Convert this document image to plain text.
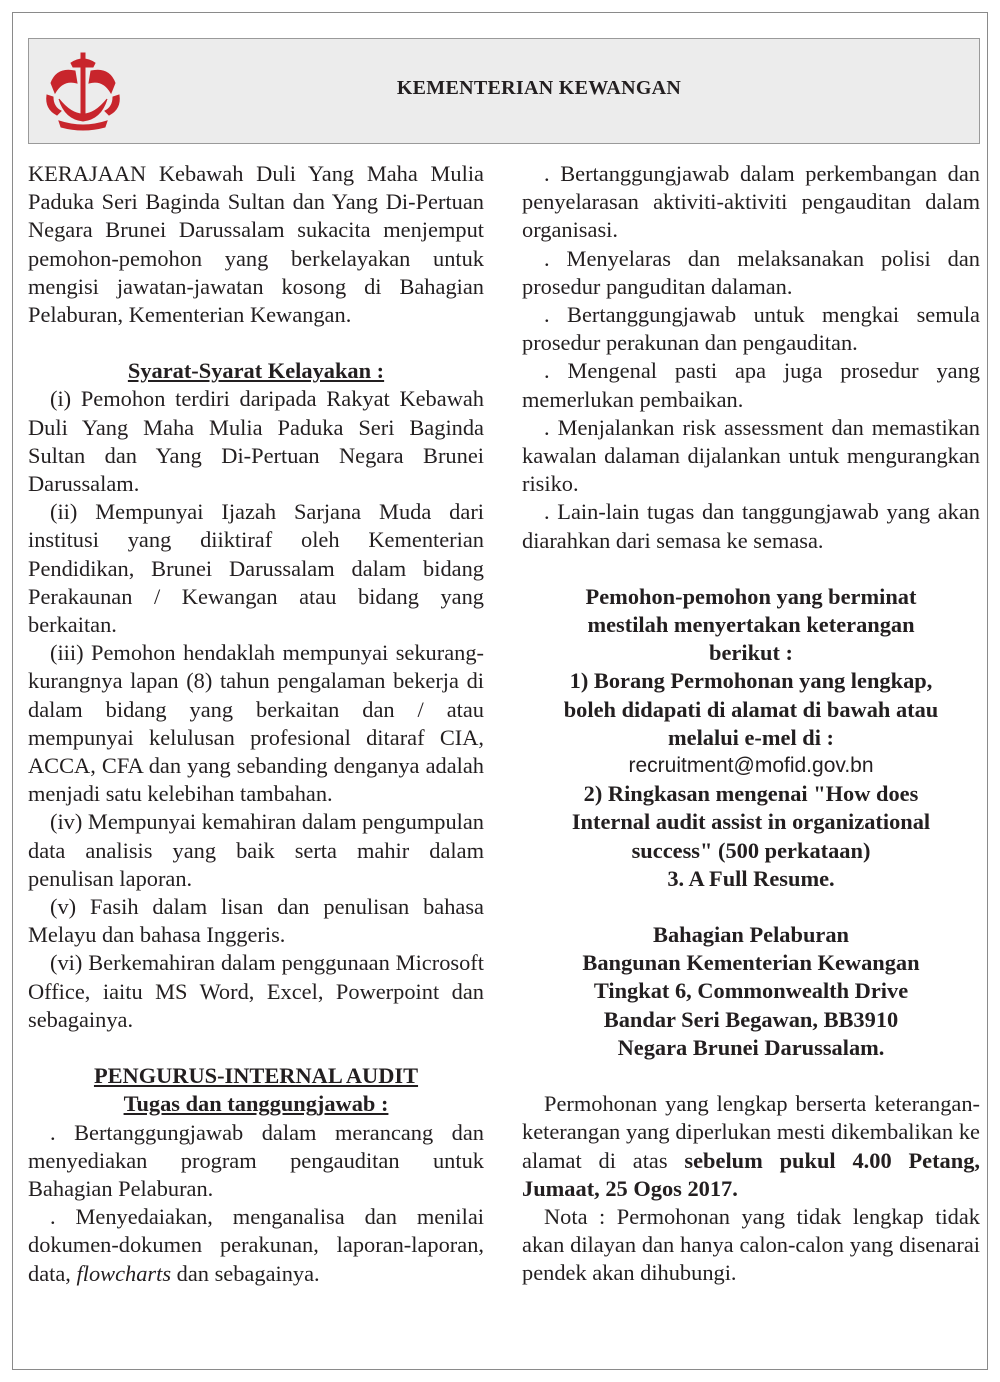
KEMENTERIAN KEWANGAN

KERAJAAN Kebawah Duli Yang Maha Mulia Paduka Seri Baginda Sultan dan Yang Di-Pertuan Negara Brunei Darussalam sukacita menjemput pemohon-pemohon yang berkelayakan untuk mengisi jawatan-jawatan kosong di Bahagian Pelaburan, Kementerian Kewangan.

Syarat-Syarat Kelayakan :

(i) Pemohon terdiri daripada Rakyat Kebawah Duli Yang Maha Mulia Paduka Seri Baginda Sultan dan Yang Di-Pertuan Negara Brunei Darussalam.

(ii) Mempunyai Ijazah Sarjana Muda dari institusi yang diiktiraf oleh Kementerian Pendidikan, Brunei Darussalam dalam bidang Perakaunan / Kewangan atau bidang yang berkaitan.

(iii) Pemohon hendaklah mempunyai sekurang-kurangnya lapan (8) tahun pengalaman bekerja di dalam bidang yang berkaitan dan / atau mempunyai kelulusan profesional ditaraf CIA, ACCA, CFA dan yang sebanding denganya adalah menjadi satu kelebihan tambahan.

(iv) Mempunyai kemahiran dalam pengumpulan data analisis yang baik serta mahir dalam penulisan laporan.

(v) Fasih dalam lisan dan penulisan bahasa Melayu dan bahasa Inggeris.

(vi) Berkemahiran dalam penggunaan Microsoft Office, iaitu MS Word, Excel, Powerpoint dan sebagainya.

PENGURUS-INTERNAL AUDIT

Tugas dan tanggungjawab :

. Bertanggungjawab dalam merancang dan menyediakan program pengauditan untuk Bahagian Pelaburan.

. Menyedaiakan, menganalisa dan menilai dokumen-dokumen perakunan, laporan-laporan, data, flowcharts dan sebagainya.

. Bertanggungjawab dalam perkembangan dan penyelarasan aktiviti-aktiviti pengauditan dalam organisasi.

. Menyelaras dan melaksanakan polisi dan prosedur panguditan dalaman.

. Bertanggungjawab untuk mengkai semula prosedur perakunan dan pengauditan.

. Mengenal pasti apa juga prosedur yang memerlukan pembaikan.

. Menjalankan risk assessment dan memastikan kawalan dalaman dijalankan untuk mengurangkan risiko.

. Lain-lain tugas dan tanggungjawab yang akan diarahkan dari semasa ke semasa.

Pemohon-pemohon yang berminat

mestilah menyertakan keterangan

berikut :

1) Borang Permohonan yang lengkap,

boleh didapati di alamat di bawah atau

melalui e-mel di :

recruitment@mofid.gov.bn

2) Ringkasan mengenai "How does

Internal audit assist in organizational

success" (500 perkataan)

3. A Full Resume.

Bahagian Pelaburan

Bangunan Kementerian Kewangan

Tingkat 6, Commonwealth Drive

Bandar Seri Begawan, BB3910

Negara Brunei Darussalam.

Permohonan yang lengkap berserta keterangan-keterangan yang diperlukan mesti dikembalikan ke alamat di atas sebelum pukul 4.00 Petang, Jumaat, 25 Ogos 2017.

Nota : Permohonan yang tidak lengkap tidak akan dilayan dan hanya calon-calon yang disenarai pendek akan dihubungi.
